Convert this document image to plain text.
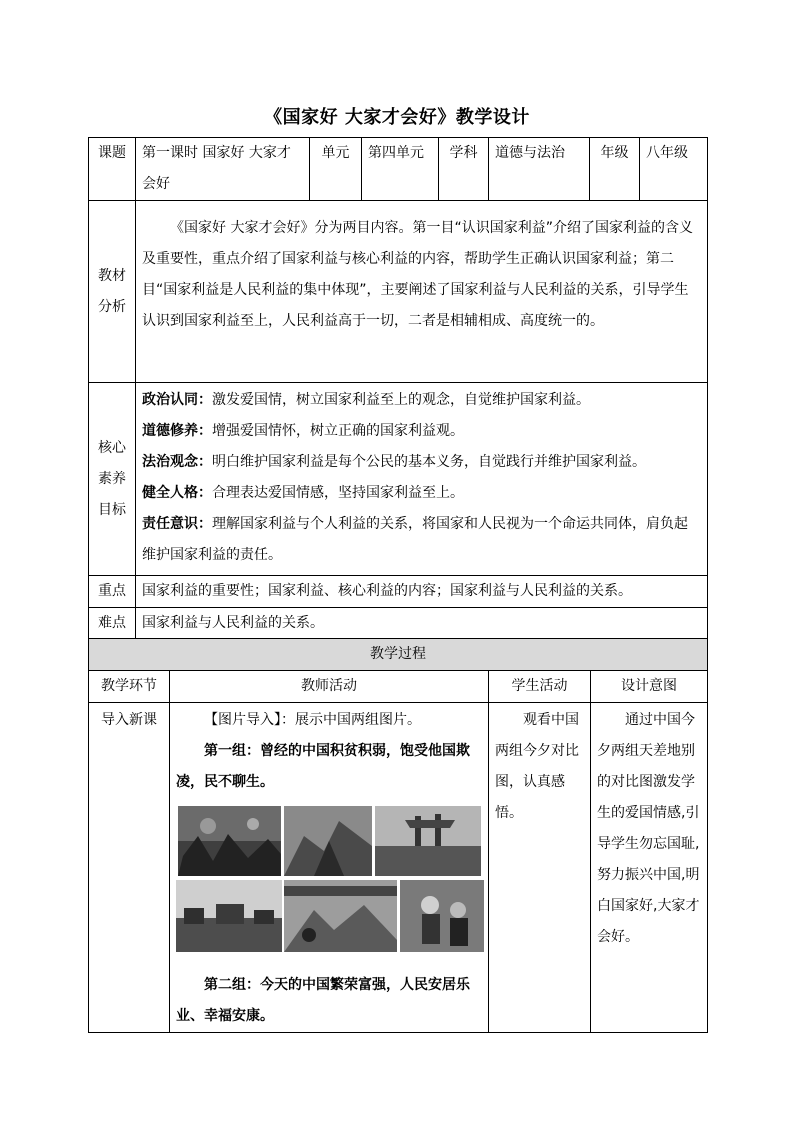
《国家好 大家才会好》教学设计
课题	第一课时 国家好 大家才会好	单元	第四单元	学科	道德与法治	年级	八年级
教材分析	《国家好 大家才会好》分为两目内容。第一目“认识国家利益”介绍了国家利益的含义及重要性，重点介绍了国家利益与核心利益的内容，帮助学生正确认识国家利益；第二目“国家利益是人民利益的集中体现”，主要阐述了国家利益与人民利益的关系，引导学生认识到国家利益至上，人民利益高于一切，二者是相辅相成、高度统一的。						
核心素养目标	政治认同：激发爱国情，树立国家利益至上的观念，自觉维护国家利益。
道德修养：增强爱国情怀，树立正确的国家利益观。
法治观念：明白维护国家利益是每个公民的基本义务，自觉践行并维护国家利益。
健全人格：合理表达爱国情感，坚持国家利益至上。
责任意识：理解国家利益与个人利益的关系，将国家和人民视为一个命运共同体，肩负起维护国家利益的责任。						

重点	国家利益的重要性；国家利益、核心利益的内容；国家利益与人民利益的关系。						
难点	国家利益与人民利益的关系。						
教学过程			
教学环节	教师活动	学生活动	设计意图
导入新课	【图片导入】：展示中国两组图片。
第一组：曾经的中国积贫积弱，饱受他国欺凌，民不聊生。
第二组：今天的中国繁荣富强，人民安居乐业、幸福安康。	观看中国两组今夕对比图，认真感悟。	通过中国今夕两组天差地别的对比图激发学生的爱国情感,引导学生勿忘国耻,努力振兴中国,明白国家好,大家才会好。
